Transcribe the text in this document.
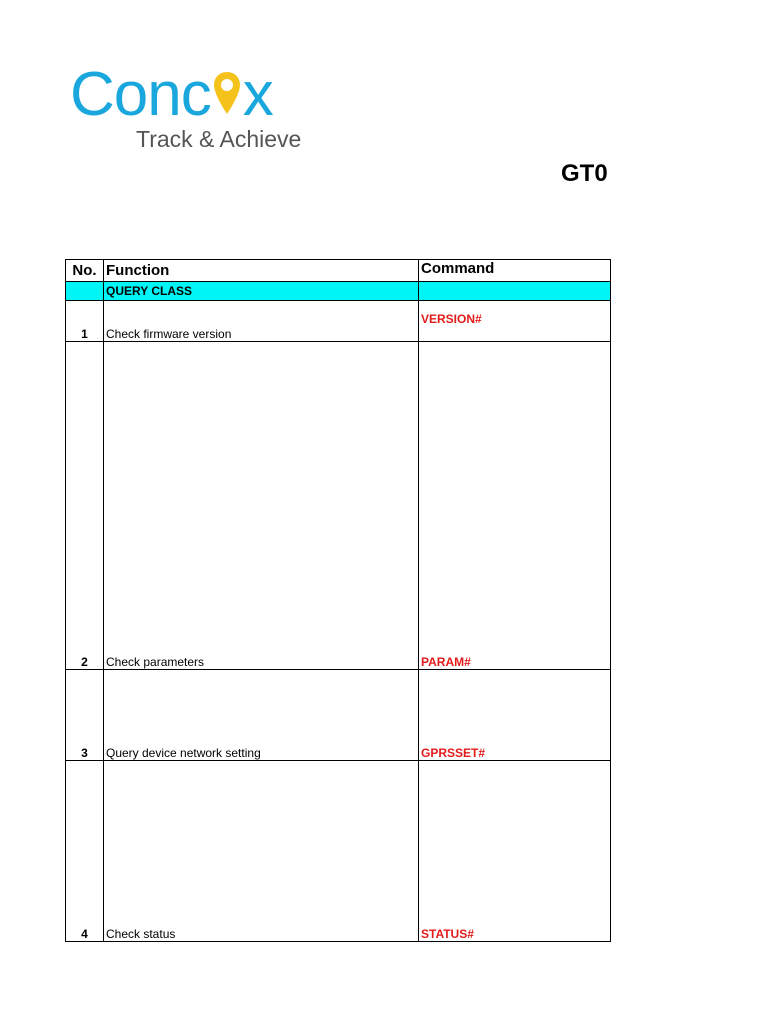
Conc x
Track & Achieve
GT0
No.	Function	Command
	QUERY CLASS	
1	Check firmware version	VERSION#
2	Check parameters	PARAM#
3	Query device network setting	GPRSSET#
4	Check status	STATUS#
